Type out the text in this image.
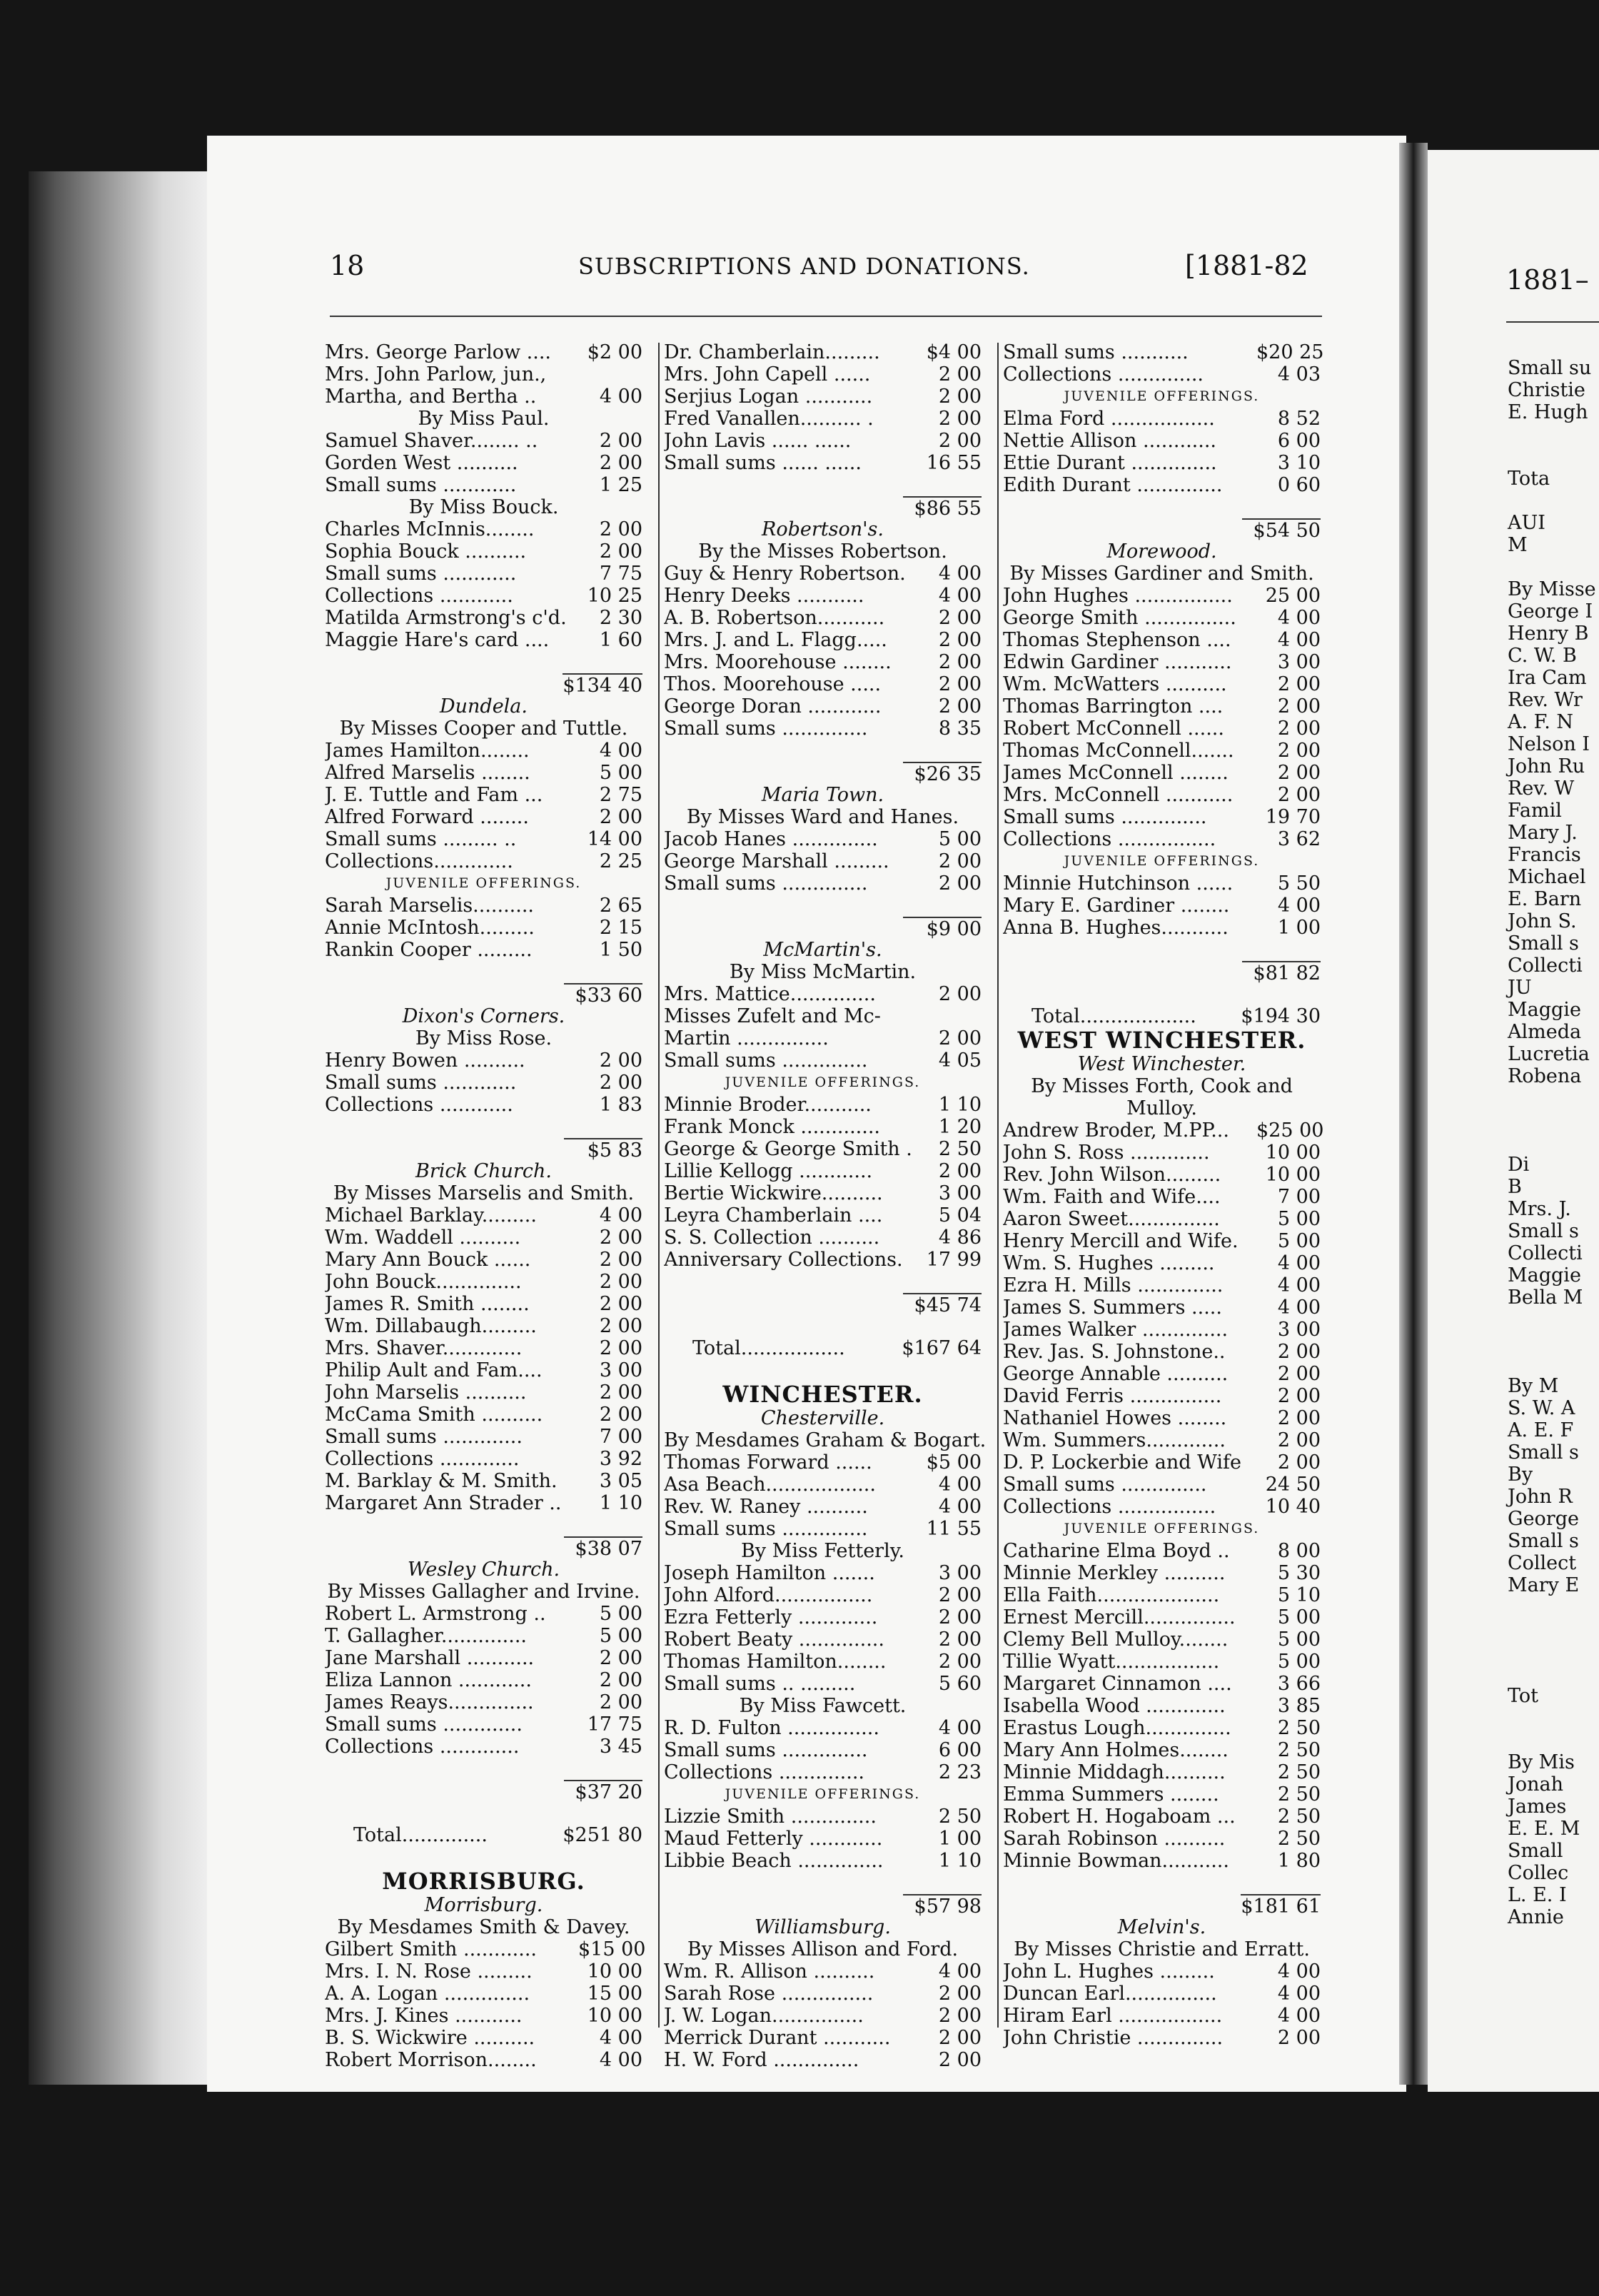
18	SUBSCRIPTIONS AND DONATIONS.	[1881-82
Mrs. George Parlow ....	$2 00
Mrs. John Parlow, jun.,
Martha, and Bertha ..	4 00
By Miss Paul.
Samuel Shaver........ ..	2 00
Gorden West ..........	2 00
Small sums ............	1 25
By Miss Bouck.
Charles McInnis........	2 00
Sophia Bouck ..........	2 00
Small sums ............	7 75
Collections ............	10 25
Matilda Armstrong's c'd.	2 30
Maggie Hare's card ....	1 60
$134 40
Dundela.
By Misses Cooper and Tuttle.
James Hamilton........	4 00
Alfred Marselis ........	5 00
J. E. Tuttle and Fam ...	2 75
Alfred Forward ........	2 00
Small sums ......... ..	14 00
Collections.............	2 25
JUVENILE OFFERINGS.
Sarah Marselis..........	2 65
Annie McIntosh.........	2 15
Rankin Cooper .........	1 50
$33 60
Dixon's Corners.
By Miss Rose.
Henry Bowen ..........	2 00
Small sums ............	2 00
Collections ............	1 83
$5 83
Brick Church.
By Misses Marselis and Smith.
Michael Barklay.........	4 00
Wm. Waddell ..........	2 00
Mary Ann Bouck ......	2 00
John Bouck..............	2 00
James R. Smith ........	2 00
Wm. Dillabaugh.........	2 00
Mrs. Shaver.............	2 00
Philip Ault and Fam....	3 00
John Marselis ..........	2 00
McCama Smith ..........	2 00
Small sums .............	7 00
Collections .............	3 92
M. Barklay & M. Smith.	3 05
Margaret Ann Strader ..	1 10
$38 07
Wesley Church.
By Misses Gallagher and Irvine.
Robert L. Armstrong ..	5 00
T. Gallagher..............	5 00
Jane Marshall ...........	2 00
Eliza Lannon ............	2 00
James Reays..............	2 00
Small sums .............	17 75
Collections .............	3 45
$37 20
Total..............	$251 80
MORRISBURG.
Morrisburg.
By Mesdames Smith & Davey.
Gilbert Smith ............	$15 00
Mrs. I. N. Rose .........	10 00
A. A. Logan ..............	15 00
Mrs. J. Kines ...........	10 00
B. S. Wickwire ..........	4 00
Robert Morrison........	4 00
Dr. Chamberlain.........	$4 00
Mrs. John Capell ......	2 00
Serjius Logan ...........	2 00
Fred Vanallen.......... .	2 00
John Lavis ...... ......	2 00
Small sums ...... ......	16 55
$86 55
Robertson's.
By the Misses Robertson.
Guy & Henry Robertson.	4 00
Henry Deeks ...........	4 00
A. B. Robertson...........	2 00
Mrs. J. and L. Flagg.....	2 00
Mrs. Moorehouse ........	2 00
Thos. Moorehouse .....	2 00
George Doran ............	2 00
Small sums ..............	8 35
$26 35
Maria Town.
By Misses Ward and Hanes.
Jacob Hanes ..............	5 00
George Marshall .........	2 00
Small sums ..............	2 00
$9 00
McMartin's.
By Miss McMartin.
Mrs. Mattice..............	2 00
Misses Zufelt and Mc-
Martin ...............	2 00
Small sums ..............	4 05
JUVENILE OFFERINGS.
Minnie Broder...........	1 10
Frank Monck .............	1 20
George & George Smith .	2 50
Lillie Kellogg ............	2 00
Bertie Wickwire..........	3 00
Leyra Chamberlain ....	5 04
S. S. Collection ..........	4 86
Anniversary Collections.	17 99
$45 74
Total.................	$167 64
WINCHESTER.
Chesterville.
By Mesdames Graham & Bogart.
Thomas Forward ......	$5 00
Asa Beach..................	4 00
Rev. W. Raney ..........	4 00
Small sums ..............	11 55
By Miss Fetterly.
Joseph Hamilton .......	3 00
John Alford................	2 00
Ezra Fetterly .............	2 00
Robert Beaty ..............	2 00
Thomas Hamilton........	2 00
Small sums .. .........	5 60
By Miss Fawcett.
R. D. Fulton ...............	4 00
Small sums ..............	6 00
Collections ..............	2 23
JUVENILE OFFERINGS.
Lizzie Smith ..............	2 50
Maud Fetterly ............	1 00
Libbie Beach ..............	1 10
$57 98
Williamsburg.
By Misses Allison and Ford.
Wm. R. Allison ..........	4 00
Sarah Rose ...............	2 00
J. W. Logan...............	2 00
Merrick Durant ...........	2 00
H. W. Ford ..............	2 00
Small sums ...........	$20 25
Collections ..............	4 03
JUVENILE OFFERINGS.
Elma Ford .................	8 52
Nettie Allison ............	6 00
Ettie Durant ..............	3 10
Edith Durant ..............	0 60
$54 50
Morewood.
By Misses Gardiner and Smith.
John Hughes ................	25 00
George Smith ...............	4 00
Thomas Stephenson ....	4 00
Edwin Gardiner ...........	3 00
Wm. McWatters ..........	2 00
Thomas Barrington ....	2 00
Robert McConnell ......	2 00
Thomas McConnell.......	2 00
James McConnell ........	2 00
Mrs. McConnell ...........	2 00
Small sums ..............	19 70
Collections ................	3 62
JUVENILE OFFERINGS.
Minnie Hutchinson ......	5 50
Mary E. Gardiner ........	4 00
Anna B. Hughes...........	1 00
$81 82
Total...................	$194 30
WEST WINCHESTER.
West Winchester.
By Misses Forth, Cook and
Mulloy.
Andrew Broder, M.PP...	$25 00
John S. Ross .............	10 00
Rev. John Wilson.........	10 00
Wm. Faith and Wife....	7 00
Aaron Sweet...............	5 00
Henry Mercill and Wife.	5 00
Wm. S. Hughes .........	4 00
Ezra H. Mills ..............	4 00
James S. Summers .....	4 00
James Walker ..............	3 00
Rev. Jas. S. Johnstone..	2 00
George Annable ..........	2 00
David Ferris ...............	2 00
Nathaniel Howes ........	2 00
Wm. Summers.............	2 00
D. P. Lockerbie and Wife	2 00
Small sums ..............	24 50
Collections ................	10 40
JUVENILE OFFERINGS.
Catharine Elma Boyd ..	8 00
Minnie Merkley ..........	5 30
Ella Faith....................	5 10
Ernest Mercill...............	5 00
Clemy Bell Mulloy........	5 00
Tillie Wyatt.................	5 00
Margaret Cinnamon ....	3 66
Isabella Wood .............	3 85
Erastus Lough..............	2 50
Mary Ann Holmes........	2 50
Minnie Middagh..........	2 50
Emma Summers ........	2 50
Robert H. Hogaboam ...	2 50
Sarah Robinson ..........	2 50
Minnie Bowman...........	1 80
$181 61
Melvin's.
By Misses Christie and Erratt.
John L. Hughes .........	4 00
Duncan Earl...............	4 00
Hiram Earl .................	4 00
John Christie ..............	2 00
1881–
Small su
Christie
E. Hugh
Tota
AUI
M
By Misse
George I
Henry B
C. W. B
Ira Cam
Rev. Wr
A. F. N
Nelson I
John Ru
Rev. W
Famil
Mary J.
Francis
Michael
E. Barn
John S.
Small s
Collecti
JU
Maggie
Almeda
Lucretia
Robena
Di
B
Mrs. J.
Small s
Collecti
Maggie
Bella M
By M
S. W. A
A. E. F
Small s
By
John R
George
Small s
Collect
Mary E
Tot
By Mis
Jonah
James
E. E. M
Small
Collec
L. E. I
Annie
